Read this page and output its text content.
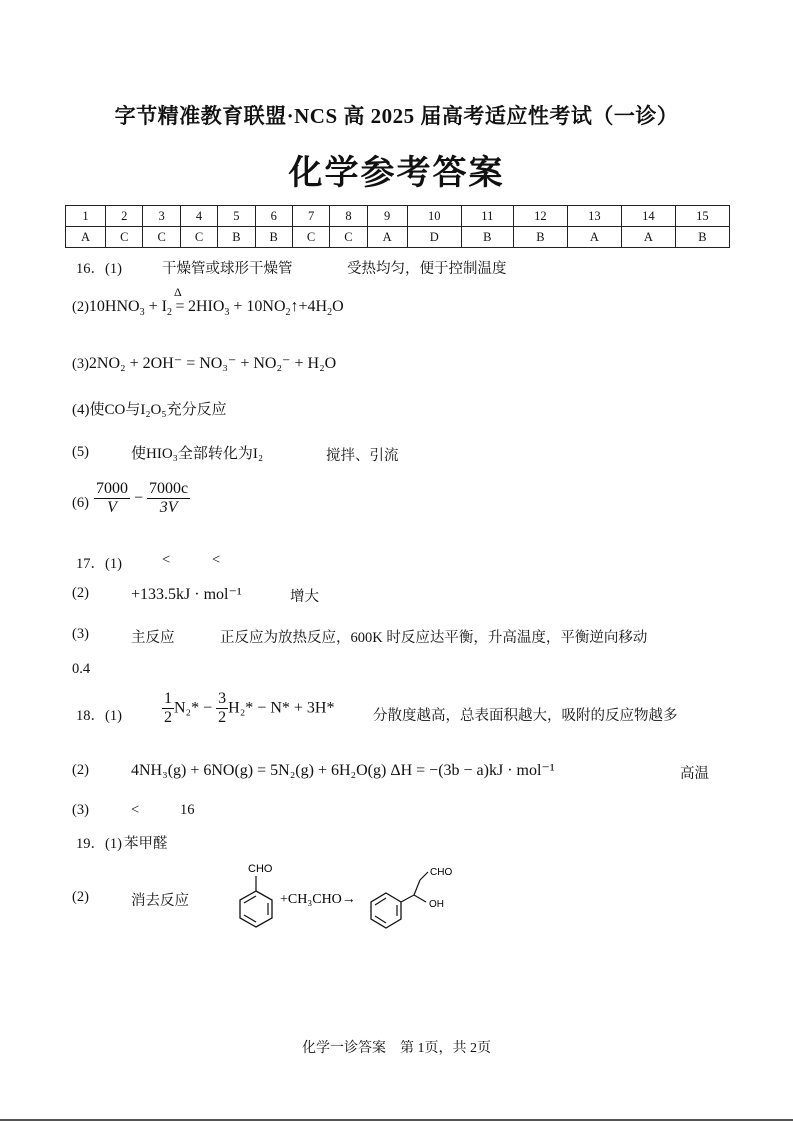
字节精准教育联盟·NCS 高 2025 届高考适应性考试（一诊）
化学参考答案
1	2	3	4	5	6	7	8	9	10	11	12	13	14	15
A	C	C	C	B	B	C	C	A	D	B	B	A	A	B
16．(1)	干燥管或球形干燥管	受热均匀，便于控制温度
$(2)10HNO_3 + I_2$
Δ
= $2HIO_3$ + $10NO_2↑+4H_2O$
(3)2NO₂ + 2OH⁻ = NO₃⁻ + NO₂⁻ + H₂O
(4)使CO与I₂O₅充分反应
(5)	使HIO₃全部转化为I₂	搅拌、引流
$(6) \frac{7000}{V} - \frac{7000c}{3V}$
17．(1)	<	<
(2)	+133.5kJ · mol⁻¹	增大
(3)	主反应	正反应为放热反应，600K 时反应达平衡，升高温度，平衡逆向移动
0.4
18．(1)	$\frac{1}{2} N_2* - \frac{3}{2} H_2* - N* + 3H*$	分散度越高，总表面积越大，吸附的反应物越多
(2)	4NH₃(g) + 6NO(g) = 5N₂(g) + 6H₂O(g) ΔH = −(3b − a)kJ · mol⁻¹	高温
(3)	<	16
19．(1) 苯甲醛
(2)	消去反应
CHO
+CH₃CHO→
CHO
OH
化学一诊答案　第 1页，共 2页
